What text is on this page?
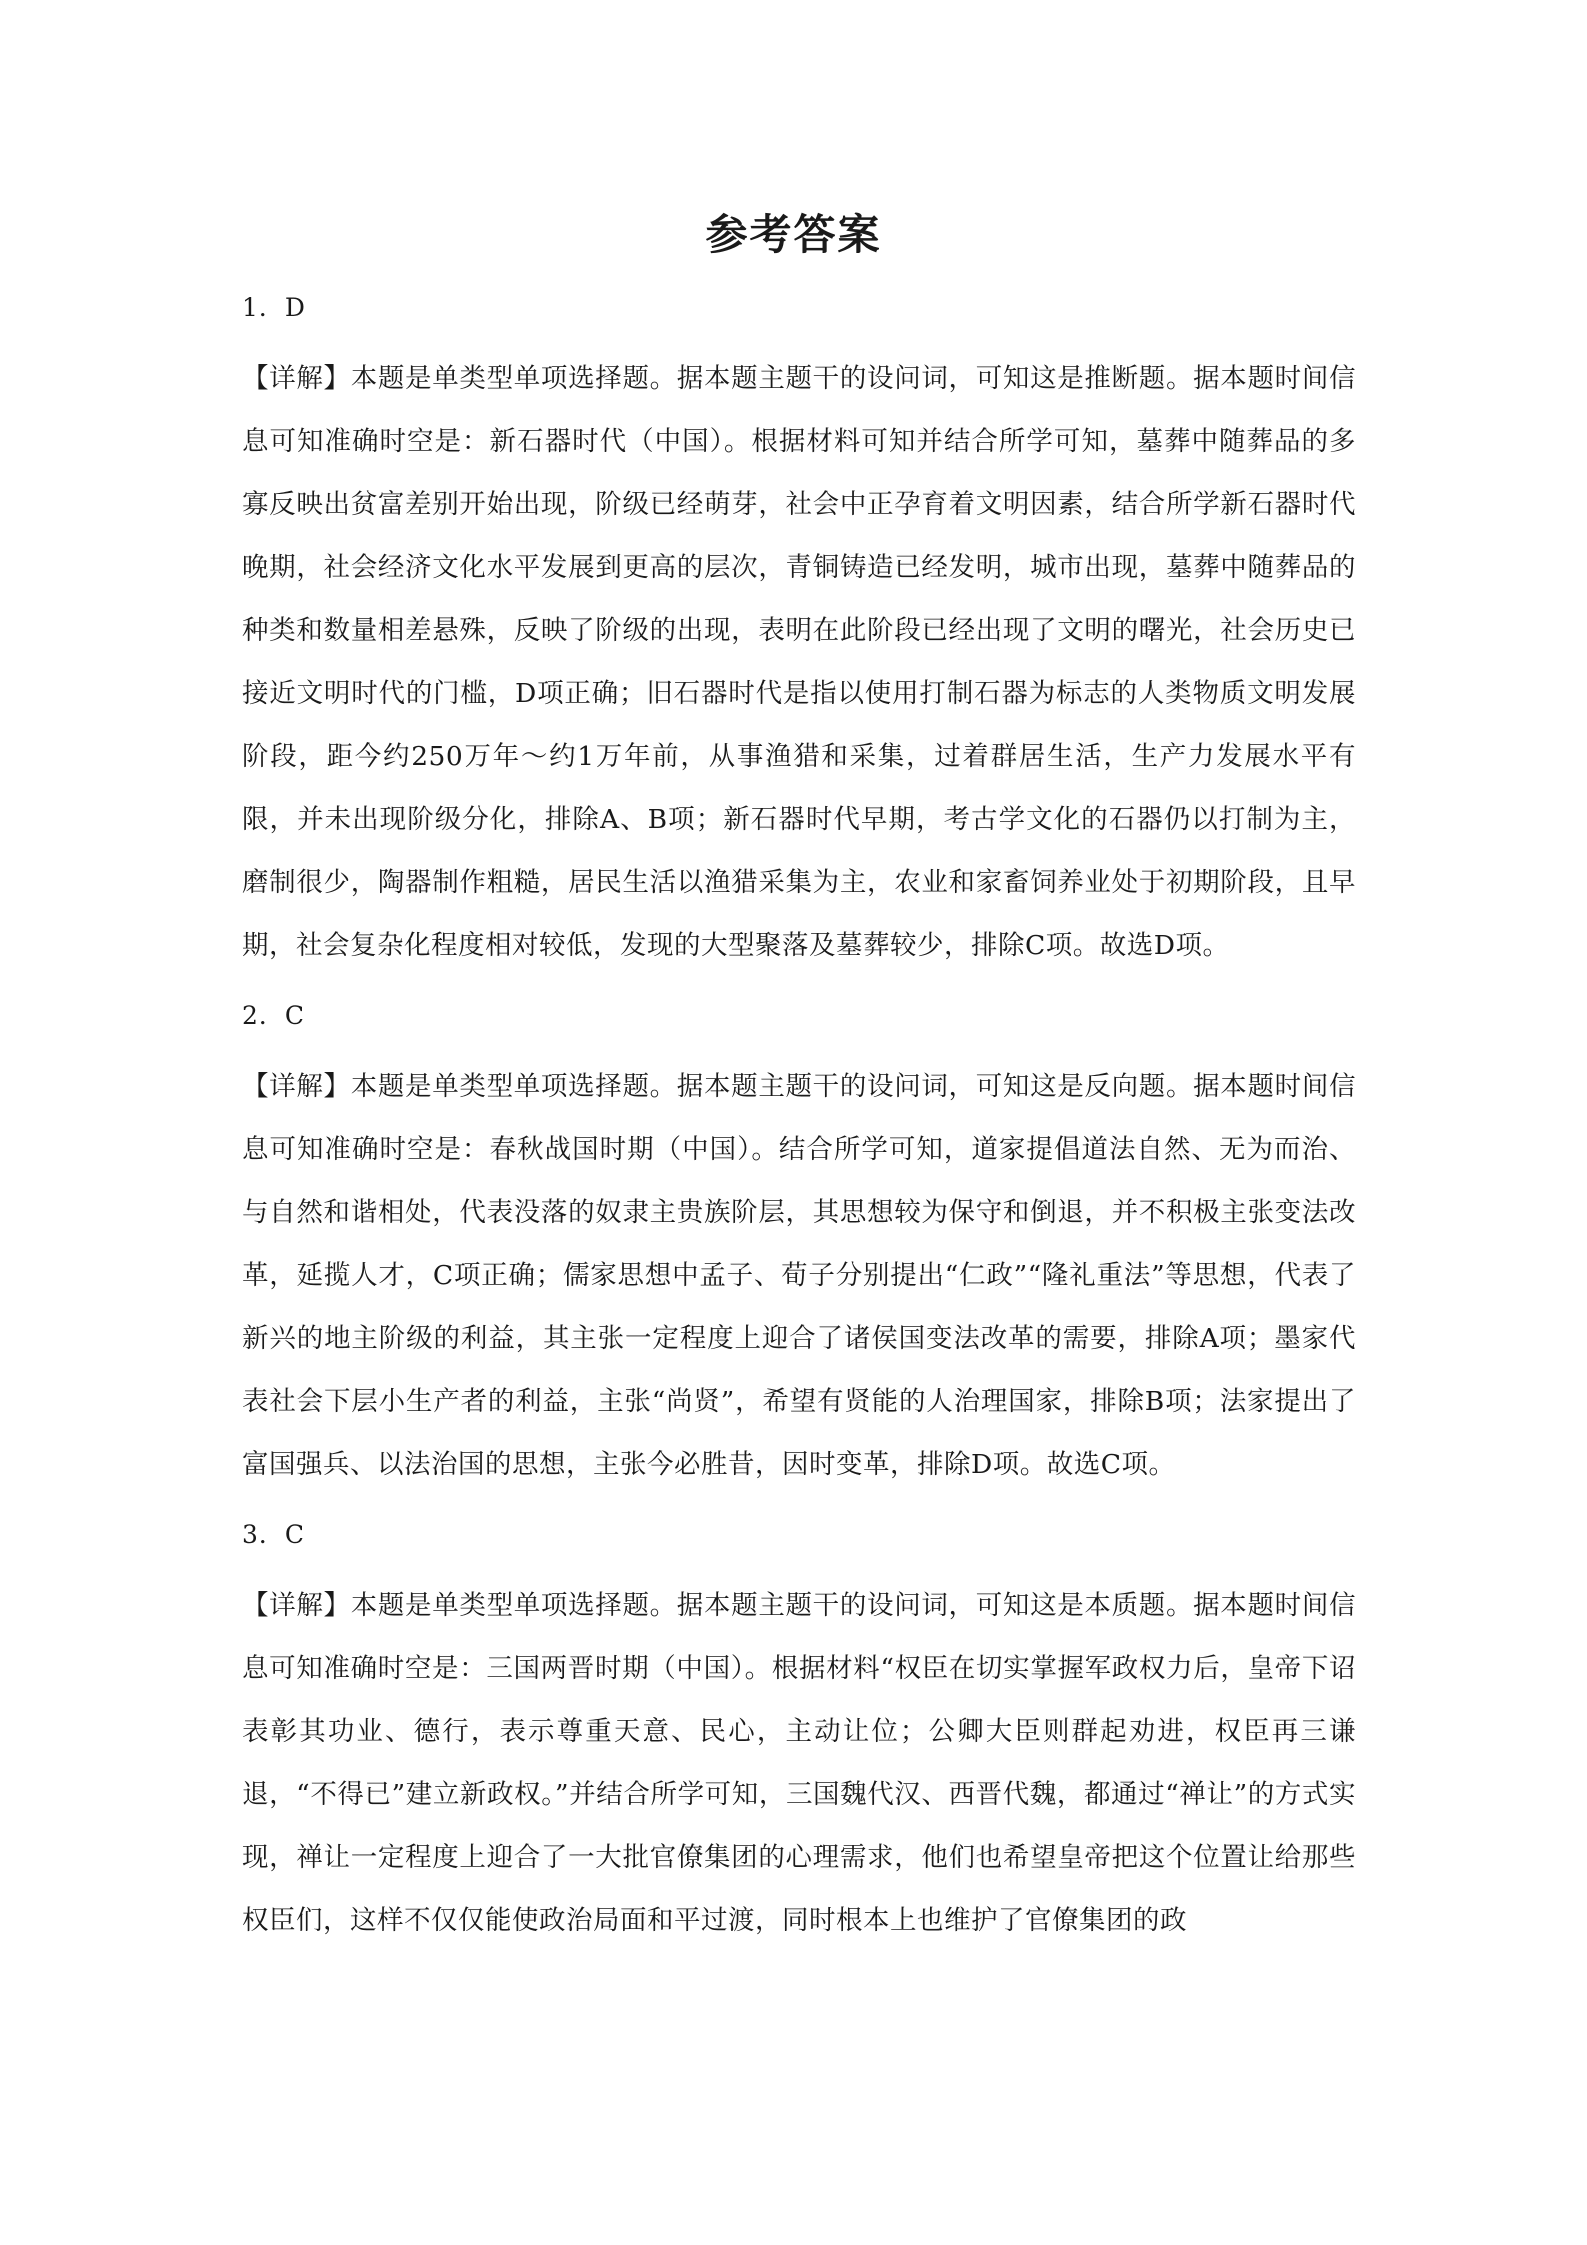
参考答案
1．D

【详解】本题是单类型单项选择题。据本题主题干的设问词，可知这是推断题。据本题时间信息可知准确时空是：新石器时代（中国）。根据材料可知并结合所学可知，墓葬中随葬品的多寡反映出贫富差别开始出现，阶级已经萌芽，社会中正孕育着文明因素，结合所学新石器时代晚期，社会经济文化水平发展到更高的层次，青铜铸造已经发明，城市出现，墓葬中随葬品的种类和数量相差悬殊，反映了阶级的出现，表明在此阶段已经出现了文明的曙光，社会历史已接近文明时代的门槛，D项正确；旧石器时代是指以使用打制石器为标志的人类物质文明发展阶段，距今约250万年～约1万年前，从事渔猎和采集，过着群居生活，生产力发展水平有限，并未出现阶级分化，排除A、B项；新石器时代早期，考古学文化的石器仍以打制为主，磨制很少，陶器制作粗糙，居民生活以渔猎采集为主，农业和家畜饲养业处于初期阶段，且早期，社会复杂化程度相对较低，发现的大型聚落及墓葬较少，排除C项。故选D项。

2．C

【详解】本题是单类型单项选择题。据本题主题干的设问词，可知这是反向题。据本题时间信息可知准确时空是：春秋战国时期（中国）。结合所学可知，道家提倡道法自然、无为而治、与自然和谐相处，代表没落的奴隶主贵族阶层，其思想较为保守和倒退，并不积极主张变法改革，延揽人才，C项正确；儒家思想中孟子、荀子分别提出“仁政”“隆礼重法”等思想，代表了新兴的地主阶级的利益，其主张一定程度上迎合了诸侯国变法改革的需要，排除A项；墨家代表社会下层小生产者的利益，主张“尚贤”，希望有贤能的人治理国家，排除B项；法家提出了富国强兵、以法治国的思想，主张今必胜昔，因时变革，排除D项。故选C项。

3．C

【详解】本题是单类型单项选择题。据本题主题干的设问词，可知这是本质题。据本题时间信息可知准确时空是：三国两晋时期（中国）。根据材料“权臣在切实掌握军政权力后，皇帝下诏表彰其功业、德行，表示尊重天意、民心，主动让位；公卿大臣则群起劝进，权臣再三谦退，“不得已”建立新政权。”并结合所学可知，三国魏代汉、西晋代魏，都通过“禅让”的方式实现，禅让一定程度上迎合了一大批官僚集团的心理需求，他们也希望皇帝把这个位置让给那些权臣们，这样不仅仅能使政治局面和平过渡，同时根本上也维护了官僚集团的政
